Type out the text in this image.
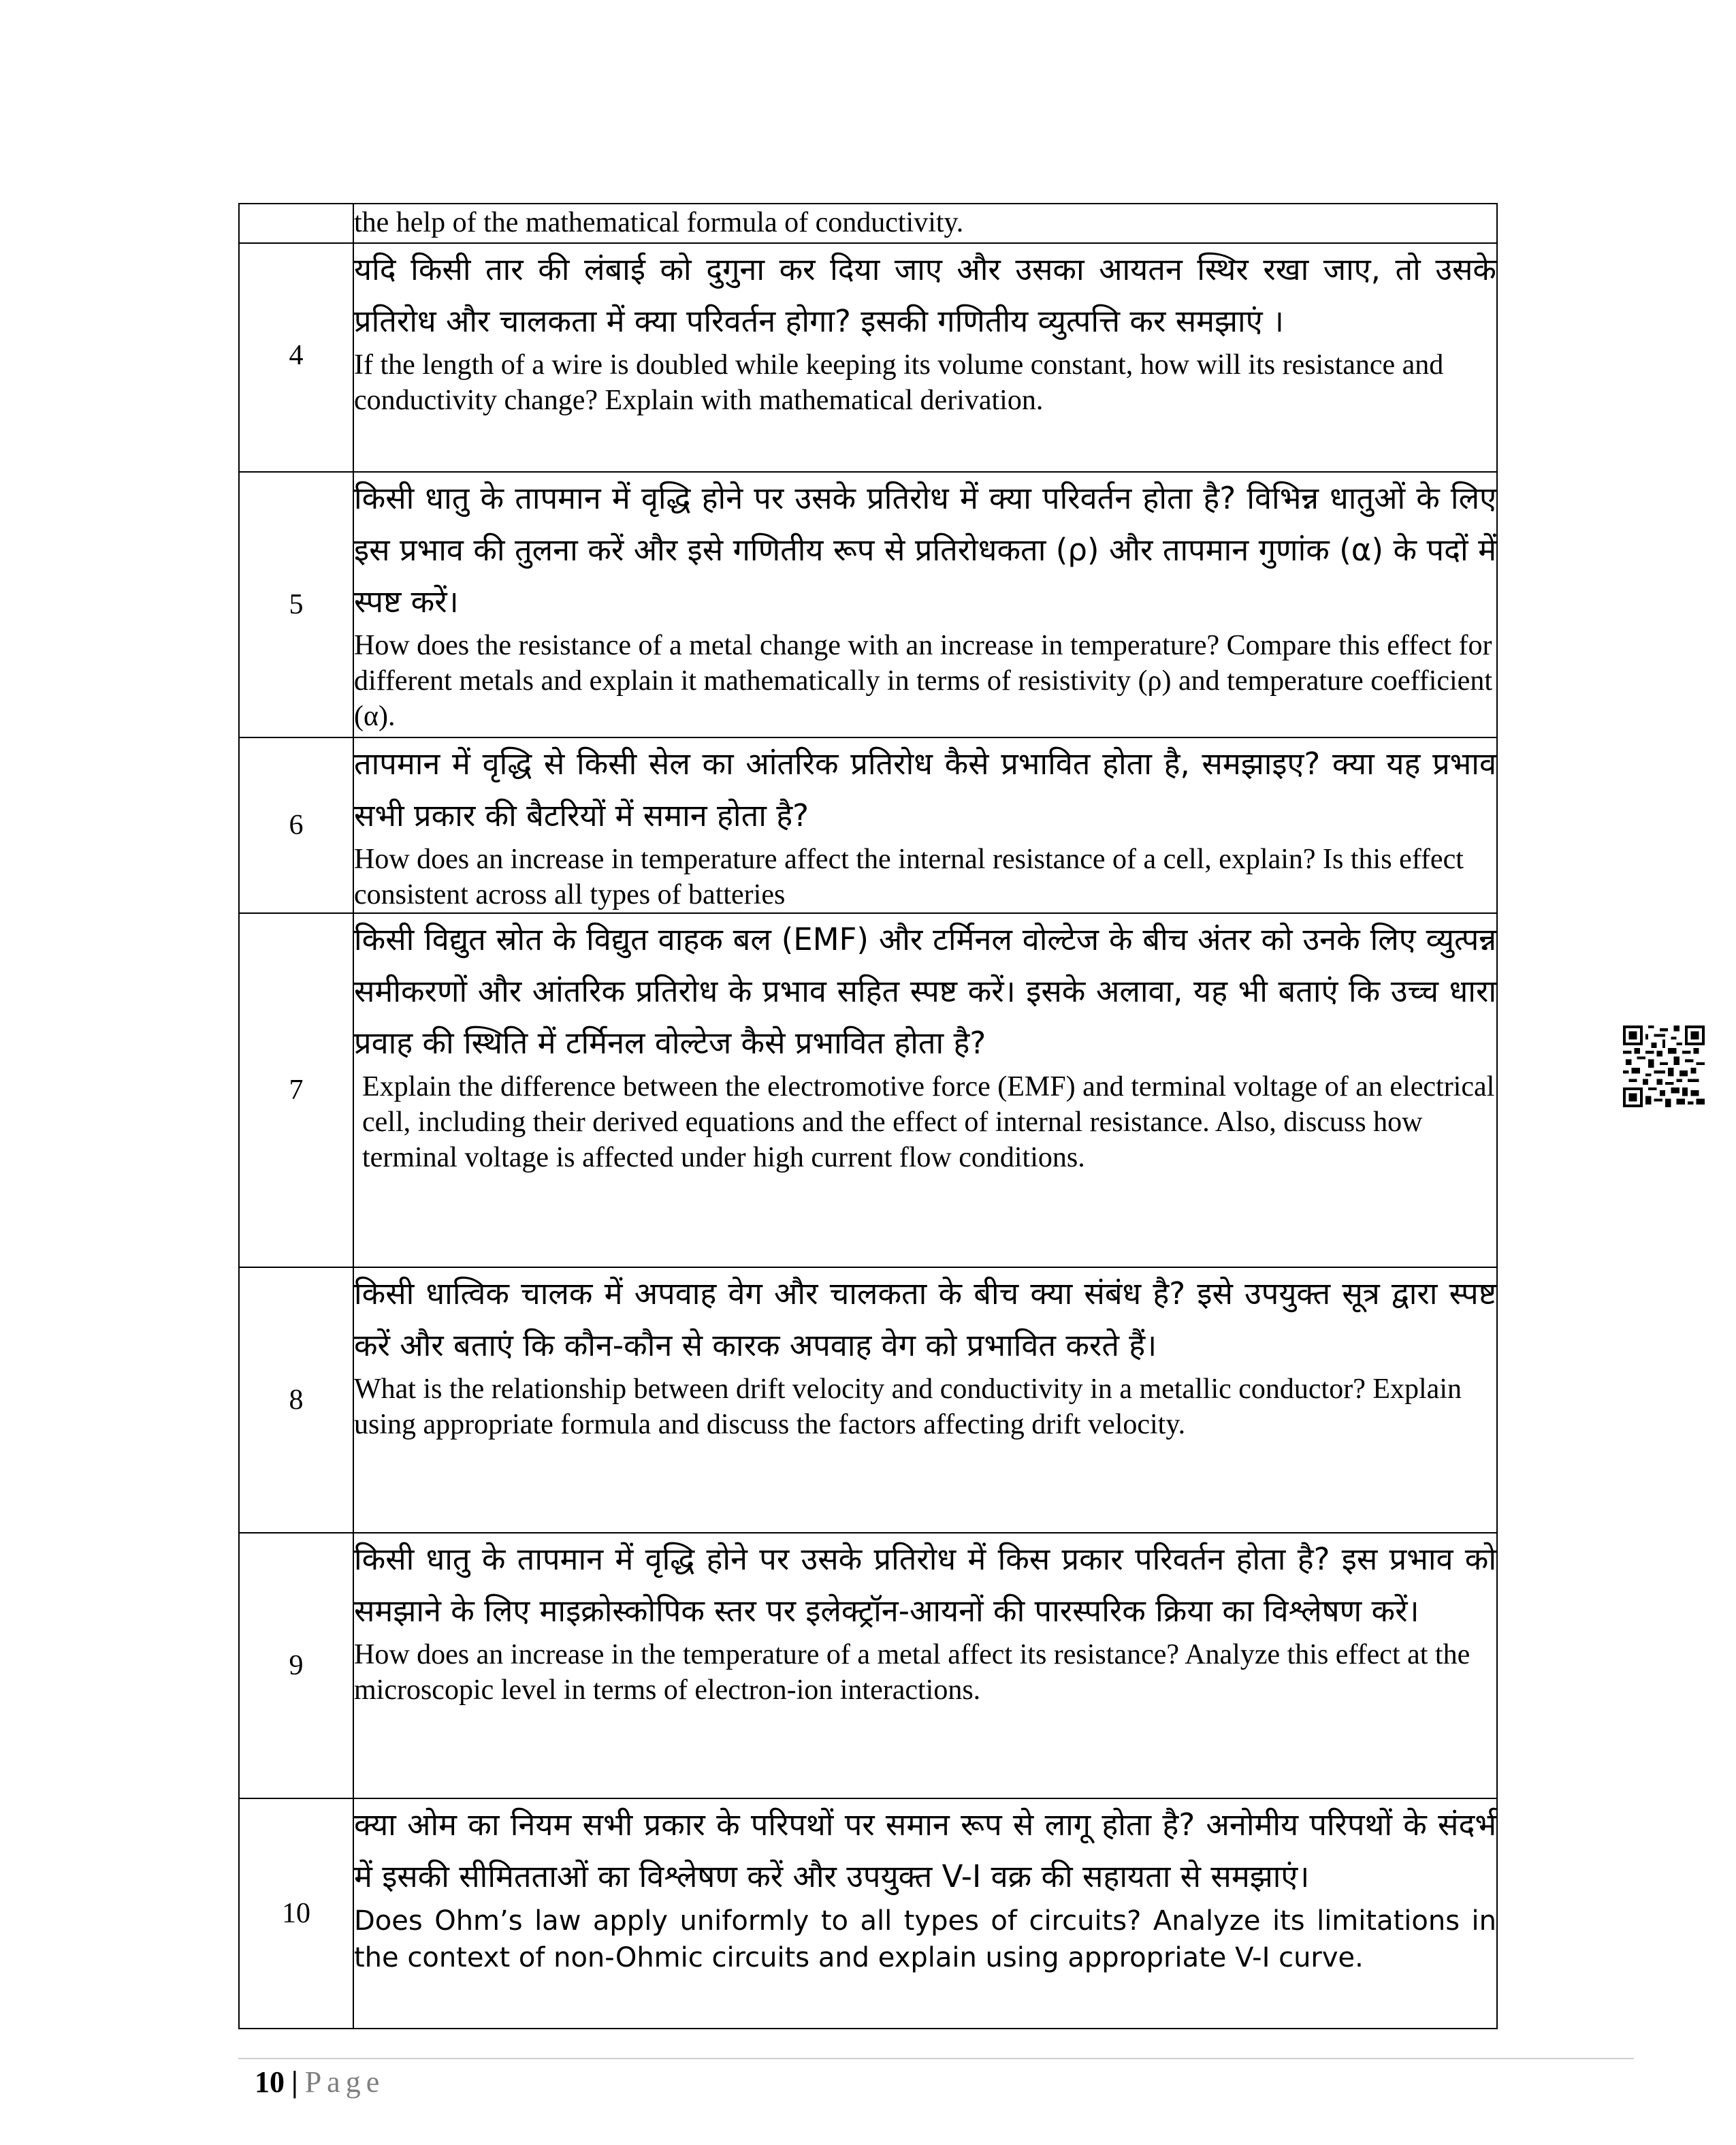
	the help of the mathematical formula of conductivity.

4	यदि किसी तार की लंबाई को दुगुना कर दिया जाए और उसका आयतन स्थिर रखा जाए, तो उसके प्रतिरोध और चालकता में क्या परिवर्तन होगा? इसकी गणितीय व्युत्पत्ति कर समझाएं ।

If the length of a wire is doubled while keeping its volume constant, how will its resistance and conductivity change? Explain with mathematical derivation.

5	किसी धातु के तापमान में वृद्धि होने पर उसके प्रतिरोध में क्या परिवर्तन होता है? विभिन्न धातुओं के लिए इस प्रभाव की तुलना करें और इसे गणितीय रूप से प्रतिरोधकता (ρ) और तापमान गुणांक (α) के पदों में स्पष्ट करें।

How does the resistance of a metal change with an increase in temperature? Compare this effect for different metals and explain it mathematically in terms of resistivity (ρ) and temperature coefficient (α).

6	तापमान में वृद्धि से किसी सेल का आंतरिक प्रतिरोध कैसे प्रभावित होता है, समझाइए? क्या यह प्रभाव सभी प्रकार की बैटरियों में समान होता है?

How does an increase in temperature affect the internal resistance of a cell, explain? Is this effect consistent across all types of batteries

7	किसी विद्युत स्रोत के विद्युत वाहक बल (EMF) और टर्मिनल वोल्टेज के बीच अंतर को उनके लिए व्युत्पन्न समीकरणों और आंतरिक प्रतिरोध के प्रभाव सहित स्पष्ट करें। इसके अलावा, यह भी बताएं कि उच्च धारा प्रवाह की स्थिति में टर्मिनल वोल्टेज कैसे प्रभावित होता है?

Explain the difference between the electromotive force (EMF) and terminal voltage of an electrical cell, including their derived equations and the effect of internal resistance. Also, discuss how terminal voltage is affected under high current flow conditions.

8	किसी धात्विक चालक में अपवाह वेग और चालकता के बीच क्या संबंध है? इसे उपयुक्त सूत्र द्वारा स्पष्ट करें और बताएं कि कौन-कौन से कारक अपवाह वेग को प्रभावित करते हैं।

What is the relationship between drift velocity and conductivity in a metallic conductor? Explain using appropriate formula and discuss the factors affecting drift velocity.

9	किसी धातु के तापमान में वृद्धि होने पर उसके प्रतिरोध में किस प्रकार परिवर्तन होता है? इस प्रभाव को समझाने के लिए माइक्रोस्कोपिक स्तर पर इलेक्ट्रॉन-आयनों की पारस्परिक क्रिया का विश्लेषण करें।

How does an increase in the temperature of a metal affect its resistance? Analyze this effect at the microscopic level in terms of electron-ion interactions.

10	क्या ओम का नियम सभी प्रकार के परिपथों पर समान रूप से लागू होता है? अनोमीय परिपथों के संदर्भ में इसकी सीमितताओं का विश्लेषण करें और उपयुक्त V-I वक्र की सहायता से समझाएं।

Does Ohm’s law apply uniformly to all types of circuits? Analyze its limitations in the context of non-Ohmic circuits and explain using appropriate V-I curve.

10 | Page
